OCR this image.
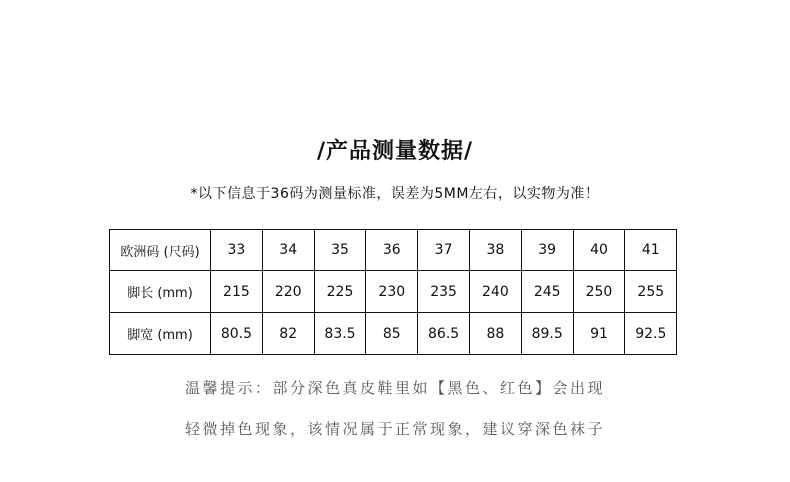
/产品测量数据/
*以下信息于36码为测量标准，误差为5MM左右，以实物为准！
欧洲码 (尺码)	33	34	35	36	37	38	39	40	41
脚长 (mm)	215	220	225	230	235	240	245	250	255
脚宽 (mm)	80.5	82	83.5	85	86.5	88	89.5	91	92.5
温馨提示：部分深色真皮鞋里如【黑色、红色】会出现
轻微掉色现象，该情况属于正常现象，建议穿深色袜子
